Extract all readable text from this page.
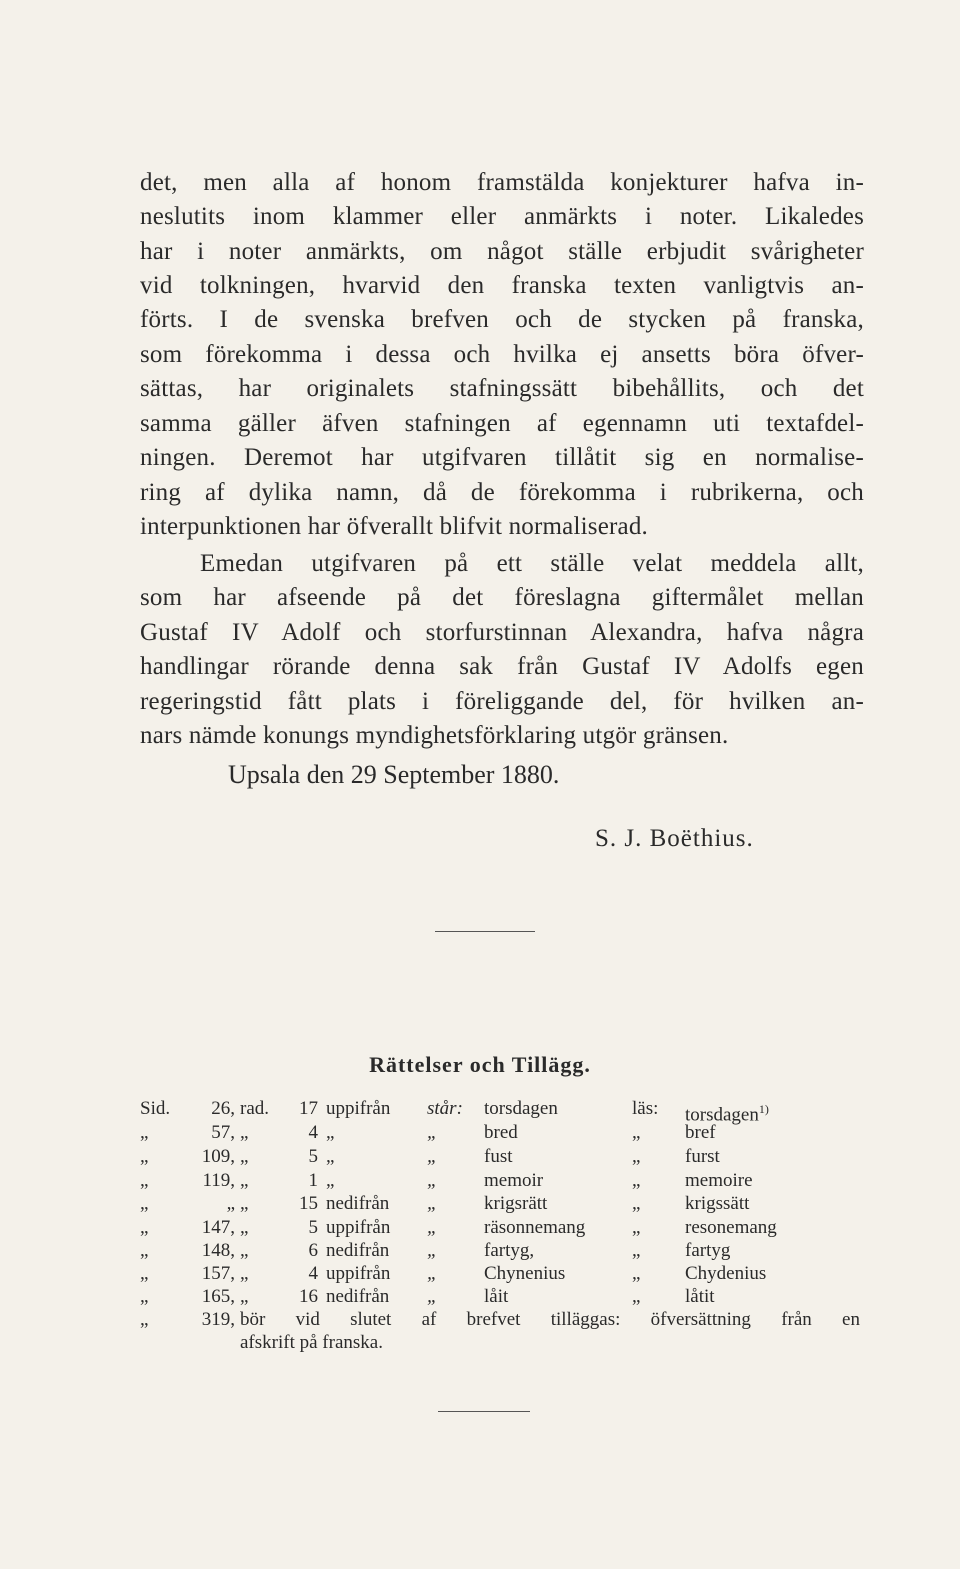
det, men alla af honom framstälda konjekturer hafva in-
neslutits inom klammer eller anmärkts i noter. Likaledes
har i noter anmärkts, om något ställe erbjudit svårigheter
vid tolkningen, hvarvid den franska texten vanligtvis an-
förts. I de svenska brefven och de stycken på franska,
som förekomma i dessa och hvilka ej ansetts böra öfver-
sättas, har originalets stafningssätt bibehållits, och det
samma gäller äfven stafningen af egennamn uti textafdel-
ningen. Deremot har utgifvaren tillåtit sig en normalise-
ring af dylika namn, då de förekomma i rubrikerna, och
interpunktionen har öfverallt blifvit normaliserad.
Emedan utgifvaren på ett ställe velat meddela allt,
som har afseende på det föreslagna giftermålet mellan
Gustaf IV Adolf och storfurstinnan Alexandra, hafva några
handlingar rörande denna sak från Gustaf IV Adolfs egen
regeringstid fått plats i föreliggande del, för hvilken an-
nars nämde konungs myndighetsförklaring utgör gränsen.
Upsala den 29 September 1880.
S. J. Boëthius.
Rättelser och Tillägg.
Sid.	26, rad.	17 uppifrån	står:	torsdagen	läs:	torsdagen$^{1)}$
„	57, „	4 „	„	bred	„	bref
„	109, „	5 „	„	fust	„	furst
„	119, „	1 „	„	memoir	„	memoire
„	„ „	15 nedifrån	„	krigsrätt	„	krigssätt
„	147, „	5 uppifrån	„	räsonnemang	„	resonemang
„	148, „	6 nedifrån	„	fartyg,	„	fartyg
„	157, „	4 uppifrån	„	Chynenius	„	Chydenius
„	165, „	16 nedifrån	„	låit	„	låtit
„	319, bör vid slutet af brefvet tilläggas: öfversättning från en
afskrift på franska.
